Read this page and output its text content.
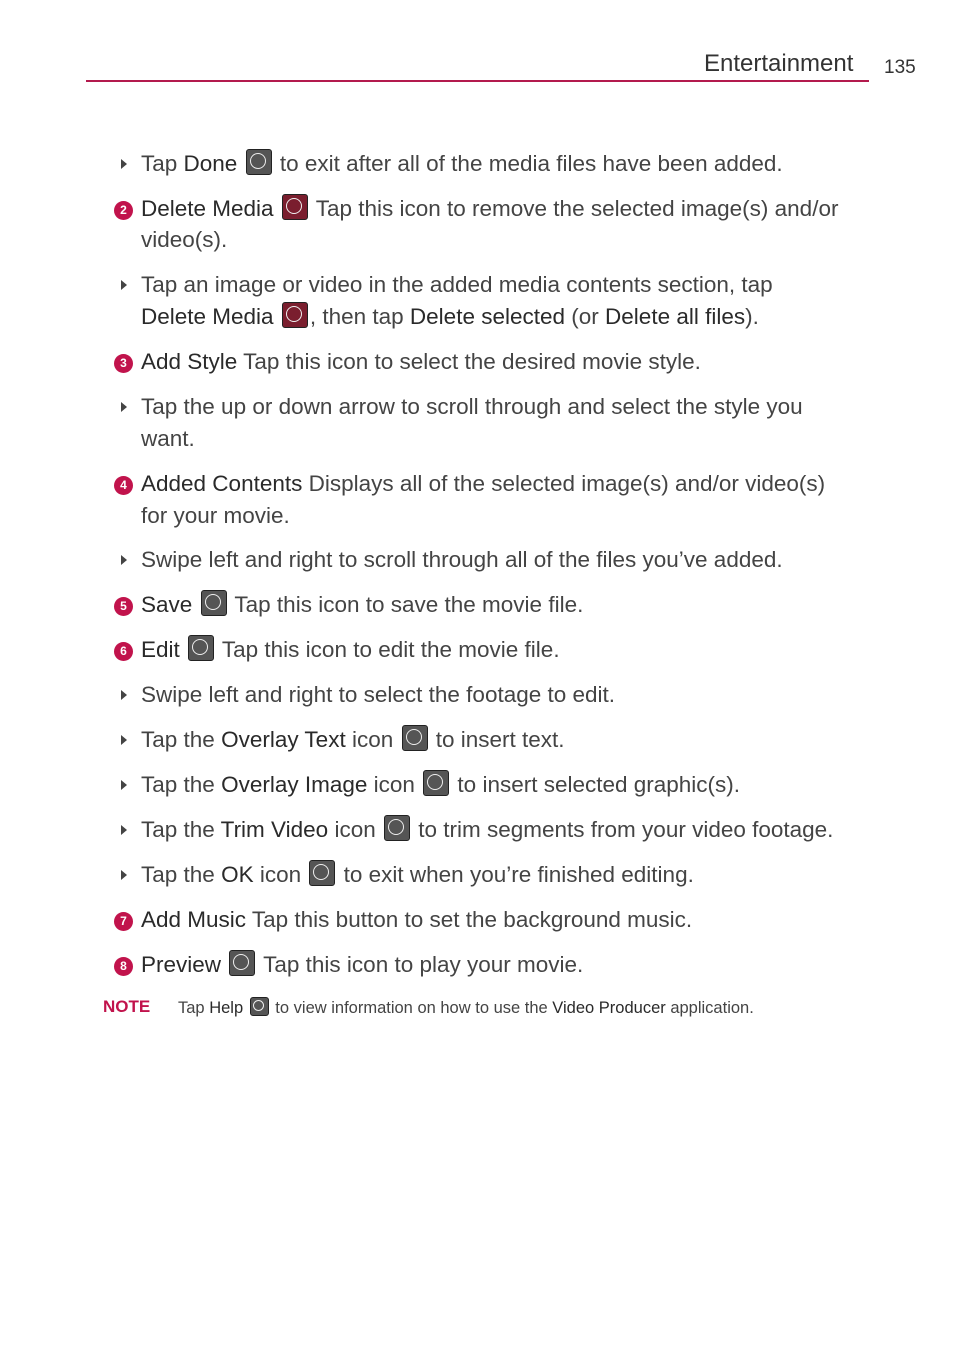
Entertainment 135
Tap Done  to exit after all of the media files have been added.
2 Delete Media  Tap this icon to remove the selected image(s) and/or
video(s).
Tap an image or video in the added media contents section, tap
Delete Media , then tap Delete selected (or Delete all files).
3 Add Style Tap this icon to select the desired movie style.
Tap the up or down arrow to scroll through and select the style you
want.
4 Added Contents Displays all of the selected image(s) and/or video(s)
for your movie.
Swipe left and right to scroll through all of the files you’ve added.
5 Save  Tap this icon to save the movie file.
6 Edit  Tap this icon to edit the movie file.
Swipe left and right to select the footage to edit.
Tap the Overlay Text icon  to insert text.
Tap the Overlay Image icon  to insert selected graphic(s).
Tap the Trim Video icon  to trim segments from your video footage.
Tap the OK icon  to exit when you’re finished editing.
7 Add Music Tap this button to set the background music.
8 Preview  Tap this icon to play your movie.
NOTE Tap Help  to view information on how to use the Video Producer application.
